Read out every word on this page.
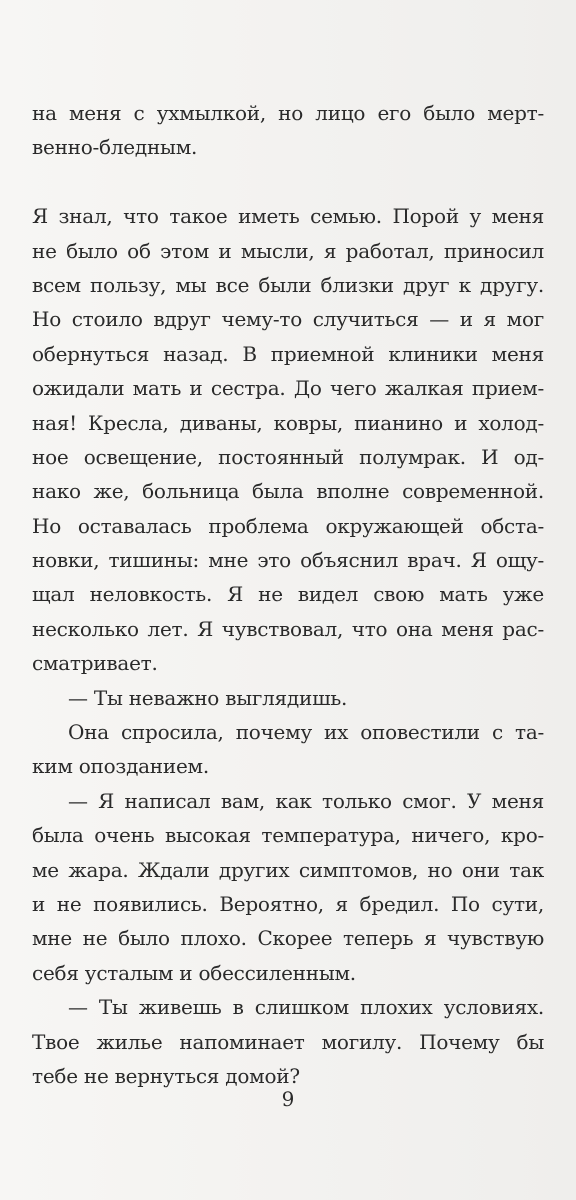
на меня с ухмылкой, но лицо его было мерт-
венно-бледным.
Я знал, что такое иметь семью. Порой у меня
не было об этом и мысли, я работал, приносил
всем пользу, мы все были близки друг к другу.
Но стоило вдруг чему-то случиться — и я мог
обернуться назад. В приемной клиники меня
ожидали мать и сестра. До чего жалкая прием-
ная! Кресла, диваны, ковры, пианино и холод-
ное освещение, постоянный полумрак. И од-
нако же, больница была вполне современной.
Но оставалась проблема окружающей обста-
новки, тишины: мне это объяснил врач. Я ощу-
щал неловкость. Я не видел свою мать уже
несколько лет. Я чувствовал, что она меня рас-
сматривает.
— Ты неважно выглядишь.
Она спросила, почему их оповестили с та-
ким опозданием.
— Я написал вам, как только смог. У меня
была очень высокая температура, ничего, кро-
ме жара. Ждали других симптомов, но они так
и не появились. Вероятно, я бредил. По сути,
мне не было плохо. Скорее теперь я чувствую
себя усталым и обессиленным.
— Ты живешь в слишком плохих условиях.
Твое жилье напоминает могилу. Почему бы
тебе не вернуться домой?
9
